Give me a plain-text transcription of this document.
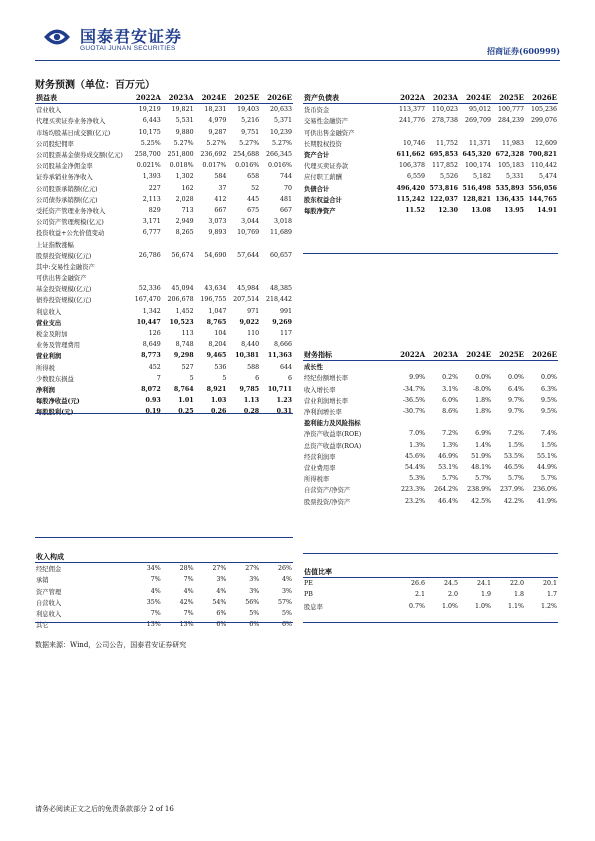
国泰君安证券
GUOTAI JUNAN SECURITIES	招商证券(600999)
财务预测（单位：百万元）
损益表	2022A	2023A	2024E	2025E	2026E
营业收入	19,219	19,821	18,231	19,403	20,633
代理买卖证券业务净收入	6,443	5,531	4,979	5,216	5,371
市场均股基日成交额(亿元)	10,175	9,880	9,287	9,751	10,239
公司股纪佣率	5.25%	5.27%	5.27%	5.27%	5.27%
公司股票基金债券成交额(亿元)	258,700	251,800	236,692	254,688	266,345
公司股基金净佣金率	0.021%	0.018%	0.017%	0.016%	0.016%
证券承销业务净收入	1,393	1,302	584	658	744
公司股票承销额(亿元)	227	162	37	52	70
公司债券承销额(亿元)	2,113	2,028	412	445	481
受托资产管理业务净收入	829	713	667	675	667
公司资产管理规模(亿元)	3,171	2,949	3,073	3,044	3,018
投资收益+公允价值变动	6,777	8,265	9,893	10,769	11,689
上证指数涨幅					
股票投资规模(亿元)	26,786	56,674	54,690	57,644	60,657
其中:交易性金融资产					
可供出售金融资产					
基金投资规模(亿元)	52,336	45,094	43,634	45,984	48,385
债券投资规模(亿元)	167,470	206,678	196,755	207,514	218,442
利息收入	1,342	1,452	1,047	971	991
营业支出	10,447	10,523	8,765	9,022	9,269
税金及附加	126	113	104	110	117
业务及管理费用	8,649	8,748	8,204	8,440	8,666
营业利润	8,773	9,298	9,465	10,381	11,363
所得税	452	527	536	588	644
少数股东损益	7	5	5	6	6
净利润	8,072	8,764	8,921	9,785	10,711
每股净收益(元)	0.93	1.01	1.03	1.13	1.23
每股股利(元)	0.19	0.25	0.26	0.28	0.31
资产负债表	2022A	2023A	2024E	2025E	2026E
货币资金	113,377	110,023	95,012	100,777	105,236
交易性金融资产	241,776	278,738	269,709	284,239	299,076
可供出售金融资产					
长期股权投资	10,746	11,752	11,371	11,983	12,609
资产合计	611,662	695,853	645,320	672,328	700,821
代理买卖证券款	106,378	117,852	100,174	105,183	110,442
应付职工薪酬	6,559	5,526	5,182	5,331	5,474
负债合计	496,420	573,816	516,498	535,893	556,056
股东权益合计	115,242	122,037	128,821	136,435	144,765
每股净资产	11.52	12.30	13.08	13.95	14.91
财务指标	2022A	2023A	2024E	2025E	2026E
成长性					
经纪份额增长率	9.9%	0.2%	0.0%	0.0%	0.0%
收入增长率	-34.7%	3.1%	-8.0%	6.4%	6.3%
营业利润增长率	-36.5%	6.0%	1.8%	9.7%	9.5%
净利润增长率	-30.7%	8.6%	1.8%	9.7%	9.5%
盈利能力及风险指标					
净资产收益率(ROE)	7.0%	7.2%	6.9%	7.2%	7.4%
总资产收益率(ROA)	1.3%	1.3%	1.4%	1.5%	1.5%
经营利润率	45.6%	46.9%	51.9%	53.5%	55.1%
营业费用率	54.4%	53.1%	48.1%	46.5%	44.9%
所得税率	5.3%	5.7%	5.7%	5.7%	5.7%
自营资产/净资产	223.3%	264.2%	238.9%	237.9%	236.0%
股票投资/净资产	23.2%	46.4%	42.5%	42.2%	41.9%
收入构成					
经纪佣金	34%	28%	27%	27%	26%
承销	7%	7%	3%	3%	4%
资产管理	4%	4%	4%	3%	3%
自营收入	35%	42%	54%	56%	57%
利息收入	7%	7%	6%	5%	5%
其它	13%	13%	6%	6%	6%
估值比率					
PE	26.6	24.5	24.1	22.0	20.1
PB	2.1	2.0	1.9	1.8	1.7
股息率	0.7%	1.0%	1.0%	1.1%	1.2%
数据来源：Wind，公司公告，国泰君安证券研究
请务必阅读正文之后的免责条款部分 2 of 16
